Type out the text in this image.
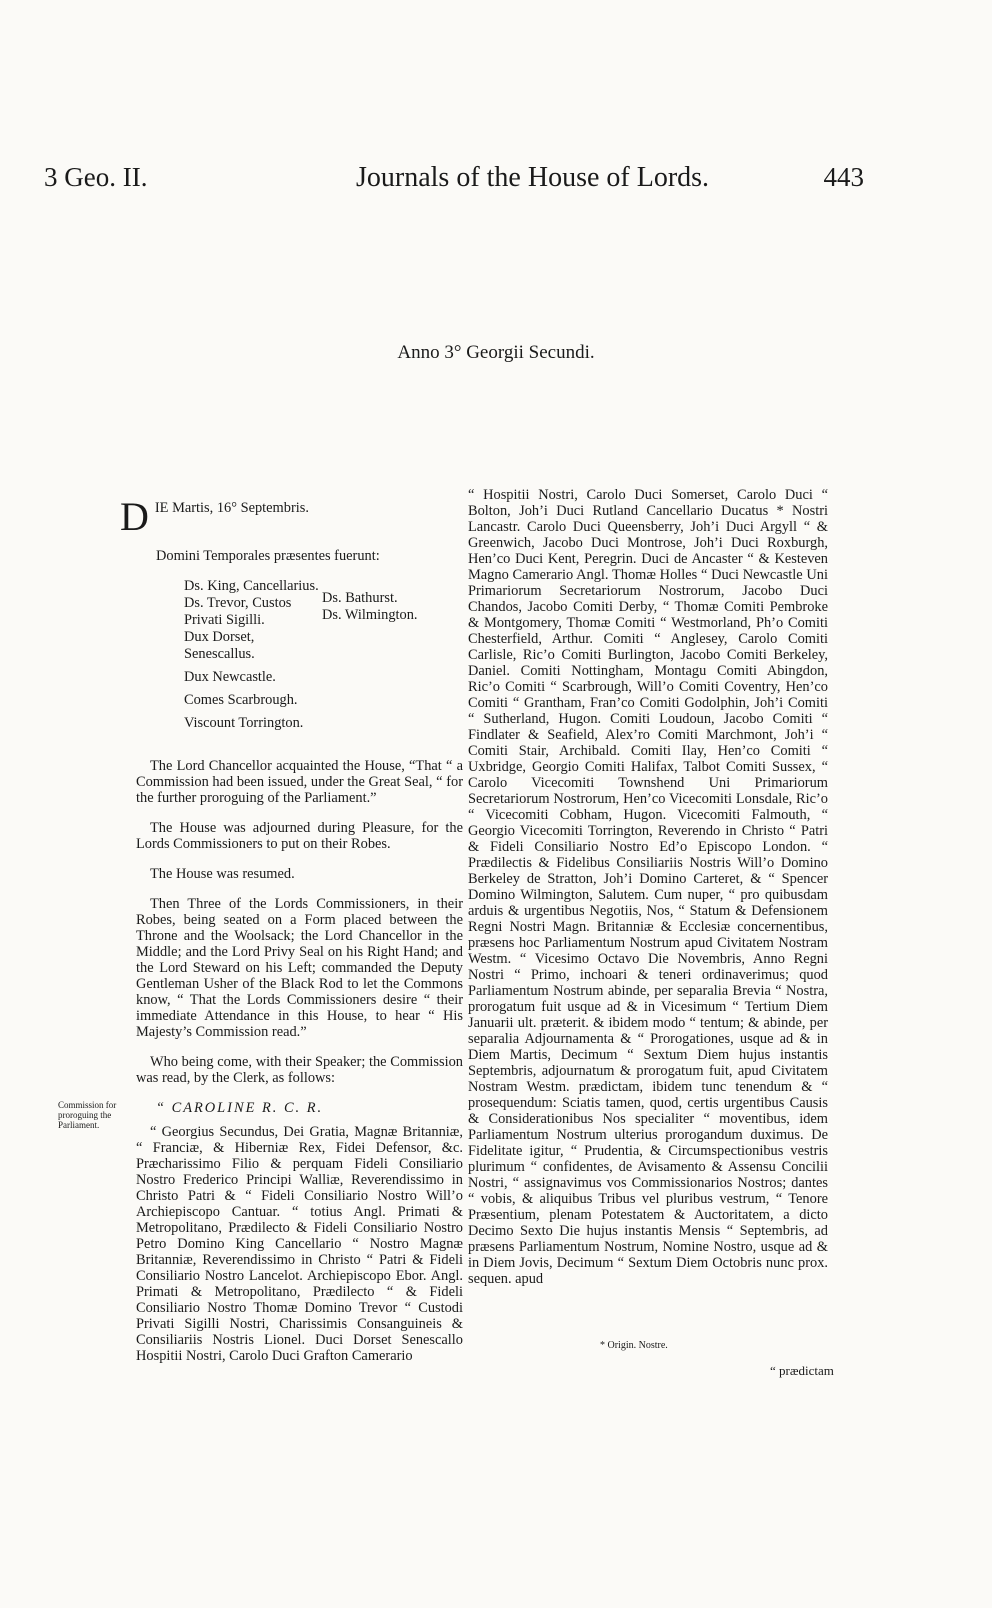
3 Geo. II.	Journals of the House of Lords.	443
Anno 3° Georgii Secundi.
Commission for proroguing the Parliament.
D IE Martis, 16° Septembris.
Domini Temporales præsentes fuerunt:
Ds. King, Cancellarius.
Ds. Trevor, Custos Privati Sigilli.
Dux Dorset, Senescallus.
Dux Newcastle.
Comes Scarbrough.
Viscount Torrington.
Ds. Bathurst.
Ds. Wilmington.

The Lord Chancellor acquainted the House, “That “ a Commission had been issued, under the Great Seal, “ for the further proroguing of the Parliament.”

The House was adjourned during Pleasure, for the Lords Commissioners to put on their Robes.

The House was resumed.

Then Three of the Lords Commissioners, in their Robes, being seated on a Form placed between the Throne and the Woolsack; the Lord Chancellor in the Middle; and the Lord Privy Seal on his Right Hand; and the Lord Steward on his Left; commanded the Deputy Gentleman Usher of the Black Rod to let the Commons know, “ That the Lords Commissioners desire “ their immediate Attendance in this House, to hear “ His Majesty’s Commission read.”

Who being come, with their Speaker; the Commission was read, by the Clerk, as follows:

“ CAROLINE R. C. R.

“ Georgius Secundus, Dei Gratia, Magnæ Britanniæ, “ Franciæ, & Hiberniæ Rex, Fidei Defensor, &c. Præcharissimo Filio & perquam Fideli Consiliario Nostro Frederico Principi Walliæ, Reverendissimo in Christo Patri & “ Fideli Consiliario Nostro Will’o Archiepiscopo Cantuar. “ totius Angl. Primati & Metropolitano, Prædilecto & Fideli Consiliario Nostro Petro Domino King Cancellario “ Nostro Magnæ Britanniæ, Reverendissimo in Christo “ Patri & Fideli Consiliario Nostro Lancelot. Archiepiscopo Ebor. Angl. Primati & Metropolitano, Prædilecto “ & Fideli Consiliario Nostro Thomæ Domino Trevor “ Custodi Privati Sigilli Nostri, Charissimis Consanguineis & Consiliariis Nostris Lionel. Duci Dorset Senescallo Hospitii Nostri, Carolo Duci Grafton Camerario

“ Hospitii Nostri, Carolo Duci Somerset, Carolo Duci “ Bolton, Joh’i Duci Rutland Cancellario Ducatus * Nostri Lancastr. Carolo Duci Queensberry, Joh’i Duci Argyll “ & Greenwich, Jacobo Duci Montrose, Joh’i Duci Roxburgh, Hen’co Duci Kent, Peregrin. Duci de Ancaster “ & Kesteven Magno Camerario Angl. Thomæ Holles “ Duci Newcastle Uni Primariorum Secretariorum Nostrorum, Jacobo Duci Chandos, Jacobo Comiti Derby, “ Thomæ Comiti Pembroke & Montgomery, Thomæ Comiti “ Westmorland, Ph’o Comiti Chesterfield, Arthur. Comiti “ Anglesey, Carolo Comiti Carlisle, Ric’o Comiti Burlington, Jacobo Comiti Berkeley, Daniel. Comiti Nottingham, Montagu Comiti Abingdon, Ric’o Comiti “ Scarbrough, Will’o Comiti Coventry, Hen’co Comiti “ Grantham, Fran’co Comiti Godolphin, Joh’i Comiti “ Sutherland, Hugon. Comiti Loudoun, Jacobo Comiti “ Findlater & Seafield, Alex’ro Comiti Marchmont, Joh’i “ Comiti Stair, Archibald. Comiti Ilay, Hen’co Comiti “ Uxbridge, Georgio Comiti Halifax, Talbot Comiti Sussex, “ Carolo Vicecomiti Townshend Uni Primariorum Secretariorum Nostrorum, Hen’co Vicecomiti Lonsdale, Ric’o “ Vicecomiti Cobham, Hugon. Vicecomiti Falmouth, “ Georgio Vicecomiti Torrington, Reverendo in Christo “ Patri & Fideli Consiliario Nostro Ed’o Episcopo London. “ Prædilectis & Fidelibus Consiliariis Nostris Will’o Domino Berkeley de Stratton, Joh’i Domino Carteret, & “ Spencer Domino Wilmington, Salutem. Cum nuper, “ pro quibusdam arduis & urgentibus Negotiis, Nos, “ Statum & Defensionem Regni Nostri Magn. Britanniæ & Ecclesiæ concernentibus, præsens hoc Parliamentum Nostrum apud Civitatem Nostram Westm. “ Vicesimo Octavo Die Novembris, Anno Regni Nostri “ Primo, inchoari & teneri ordinaverimus; quod Parliamentum Nostrum abinde, per separalia Brevia “ Nostra, prorogatum fuit usque ad & in Vicesimum “ Tertium Diem Januarii ult. præterit. & ibidem modo “ tentum; & abinde, per separalia Adjournamenta & “ Prorogationes, usque ad & in Diem Martis, Decimum “ Sextum Diem hujus instantis Septembris, adjournatum & prorogatum fuit, apud Civitatem Nostram Westm. prædictam, ibidem tunc tenendum & “ prosequendum: Sciatis tamen, quod, certis urgentibus Causis & Considerationibus Nos specialiter “ moventibus, idem Parliamentum Nostrum ulterius prorogandum duximus. De Fidelitate igitur, “ Prudentia, & Circumspectionibus vestris plurimum “ confidentes, de Avisamento & Assensu Concilii Nostri, “ assignavimus vos Commissionarios Nostros; dantes “ vobis, & aliquibus Tribus vel pluribus vestrum, “ Tenore Præsentium, plenam Potestatem & Auctoritatem, a dicto Decimo Sexto Die hujus instantis Mensis “ Septembris, ad præsens Parliamentum Nostrum, Nomine Nostro, usque ad & in Diem Jovis, Decimum “ Sextum Diem Octobris nunc prox. sequen. apud

* Origin. Nostre.
“ prædictam
